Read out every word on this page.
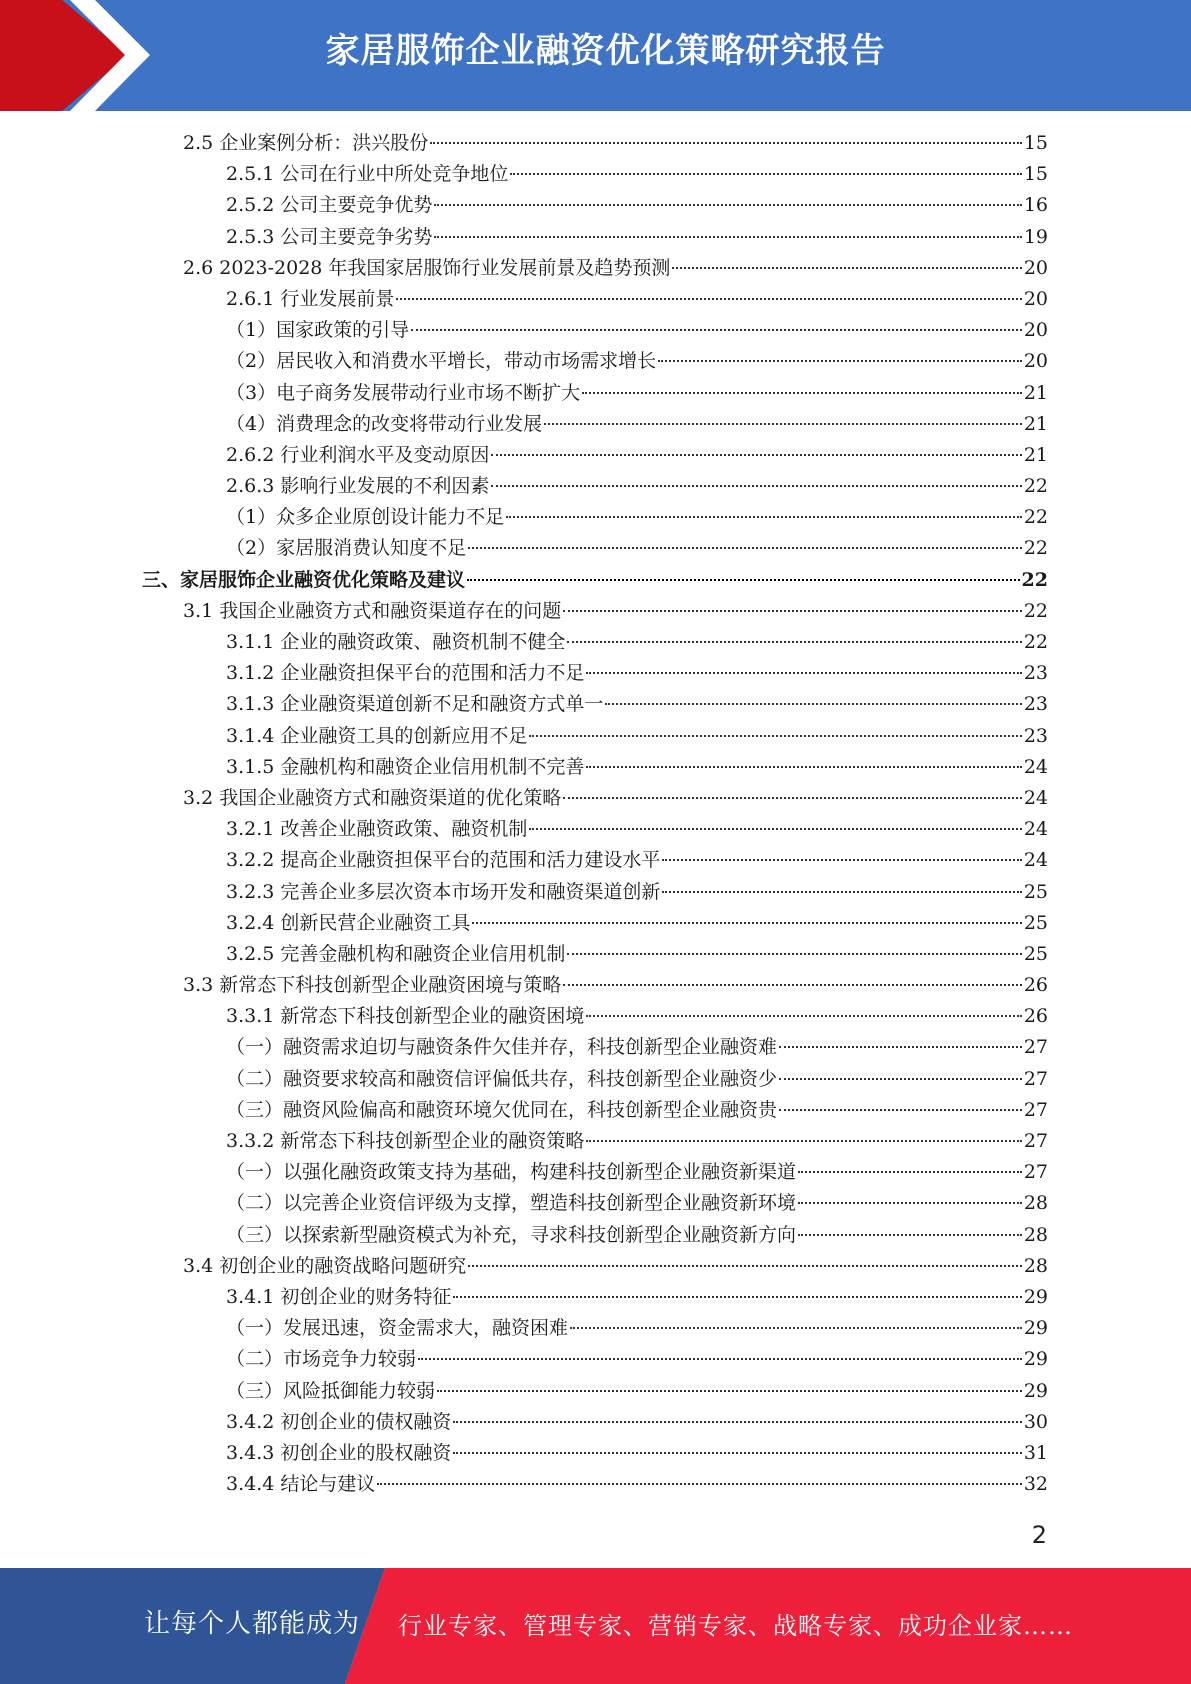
家居服饰企业融资优化策略研究报告
2.5 企业案例分析：洪兴股份	15
2.5.1 公司在行业中所处竞争地位	15
2.5.2 公司主要竞争优势	16
2.5.3 公司主要竞争劣势	19
2.6 2023-2028 年我国家居服饰行业发展前景及趋势预测	20
2.6.1 行业发展前景	20
（1）国家政策的引导	20
（2）居民收入和消费水平增长，带动市场需求增长	20
（3）电子商务发展带动行业市场不断扩大	21
（4）消费理念的改变将带动行业发展	21
2.6.2 行业利润水平及变动原因	21
2.6.3 影响行业发展的不利因素	22
（1）众多企业原创设计能力不足	22
（2）家居服消费认知度不足	22
三、家居服饰企业融资优化策略及建议	22
3.1 我国企业融资方式和融资渠道存在的问题	22
3.1.1 企业的融资政策、融资机制不健全	22
3.1.2 企业融资担保平台的范围和活力不足	23
3.1.3 企业融资渠道创新不足和融资方式单一	23
3.1.4 企业融资工具的创新应用不足	23
3.1.5 金融机构和融资企业信用机制不完善	24
3.2 我国企业融资方式和融资渠道的优化策略	24
3.2.1 改善企业融资政策、融资机制	24
3.2.2 提高企业融资担保平台的范围和活力建设水平	24
3.2.3 完善企业多层次资本市场开发和融资渠道创新	25
3.2.4 创新民营企业融资工具	25
3.2.5 完善金融机构和融资企业信用机制	25
3.3 新常态下科技创新型企业融资困境与策略	26
3.3.1 新常态下科技创新型企业的融资困境	26
（一）融资需求迫切与融资条件欠佳并存，科技创新型企业融资难	27
（二）融资要求较高和融资信评偏低共存，科技创新型企业融资少	27
（三）融资风险偏高和融资环境欠优同在，科技创新型企业融资贵	27
3.3.2 新常态下科技创新型企业的融资策略	27
（一）以强化融资政策支持为基础，构建科技创新型企业融资新渠道	27
（二）以完善企业资信评级为支撑，塑造科技创新型企业融资新环境	28
（三）以探索新型融资模式为补充，寻求科技创新型企业融资新方向	28
3.4 初创企业的融资战略问题研究	28
3.4.1 初创企业的财务特征	29
（一）发展迅速，资金需求大，融资困难	29
（二）市场竞争力较弱	29
（三）风险抵御能力较弱	29
3.4.2 初创企业的债权融资	30
3.4.3 初创企业的股权融资	31
3.4.4 结论与建议	32
2
让每个人都能成为 行业专家、管理专家、营销专家、战略专家、成功企业家……
